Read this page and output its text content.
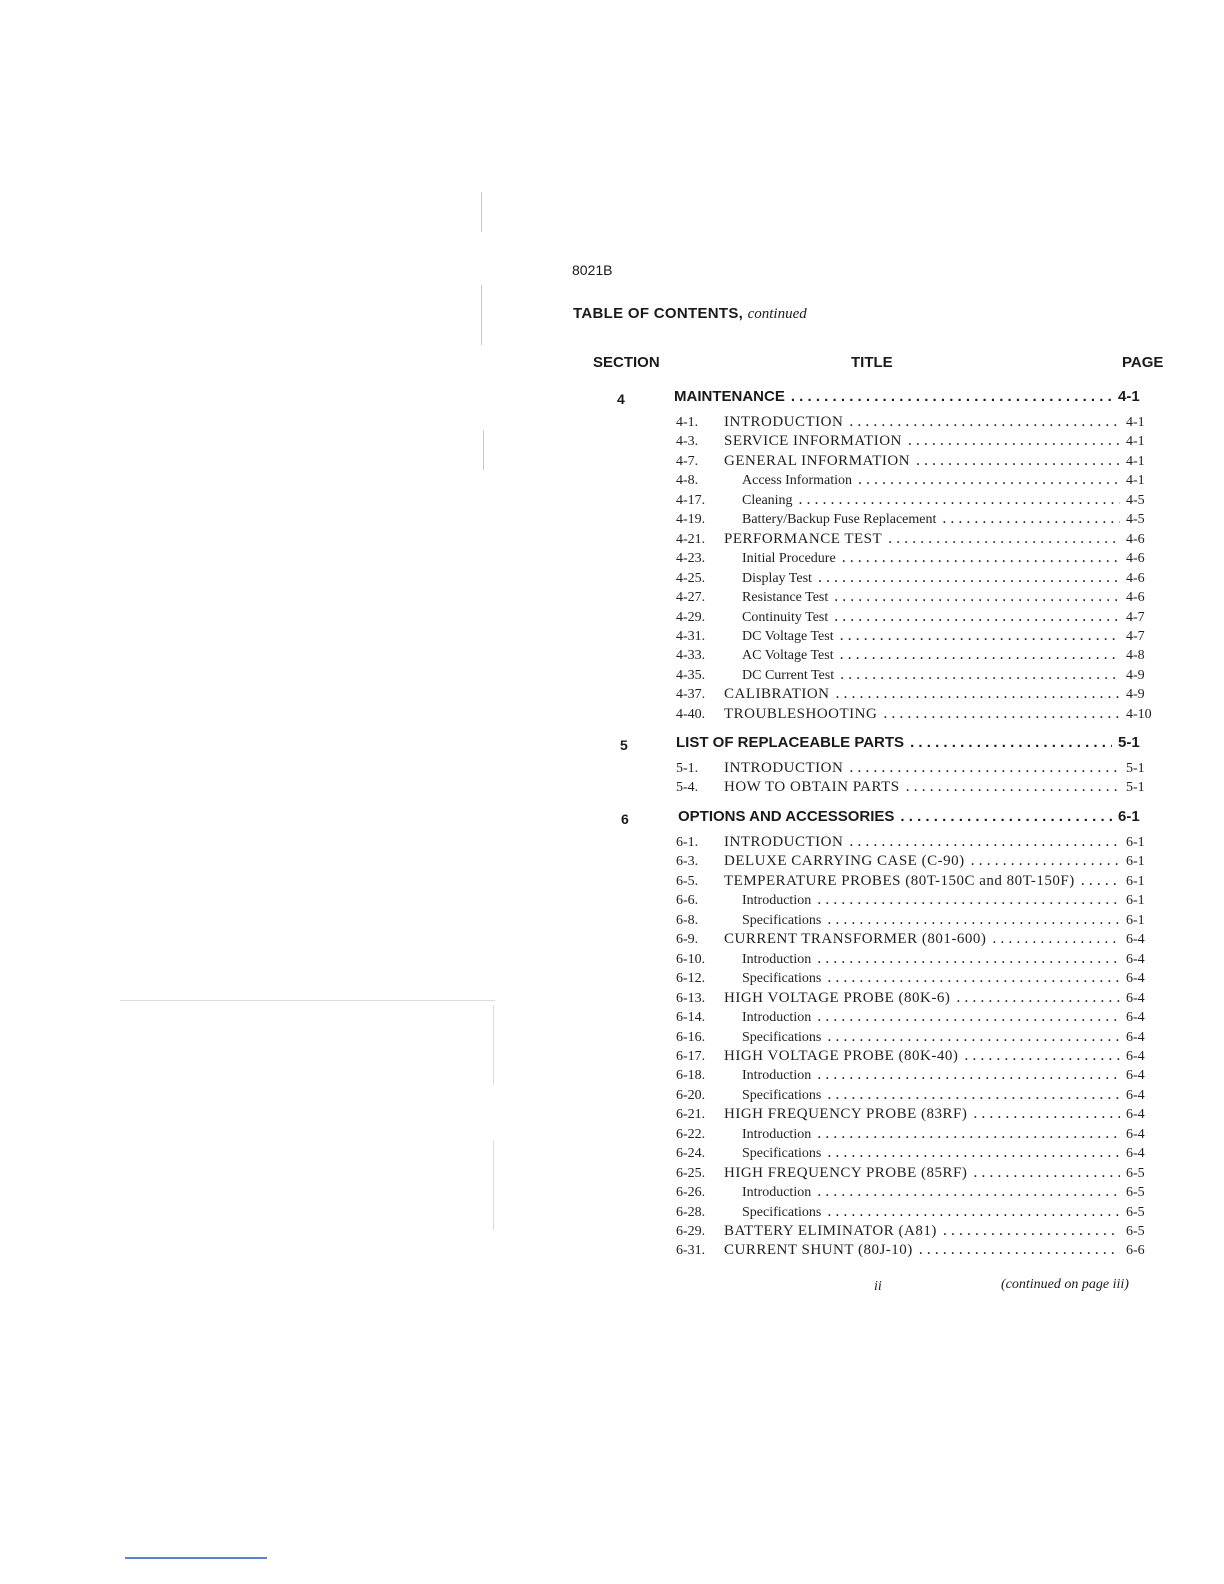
8021B
TABLE OF CONTENTS, continued
SECTION	TITLE	PAGE
4	MAINTENANCE . . .	4-1
4-1.	INTRODUCTION . . .	4-1
4-3.	SERVICE INFORMATION . . .	4-1
4-7.	GENERAL INFORMATION . . .	4-1
4-8.	Access Information . . .	4-1
4-17.	Cleaning . . .	4-5
4-19.	Battery/Backup Fuse Replacement . . .	4-5
4-21.	PERFORMANCE TEST . . .	4-6
4-23.	Initial Procedure . . .	4-6
4-25.	Display Test . . .	4-6
4-27.	Resistance Test . . .	4-6
4-29.	Continuity Test . . .	4-7
4-31.	DC Voltage Test . . .	4-7
4-33.	AC Voltage Test . . .	4-8
4-35.	DC Current Test . . .	4-9
4-37.	CALIBRATION . . .	4-9
4-40.	TROUBLESHOOTING . . .	4-10
5	LIST OF REPLACEABLE PARTS . . .	5-1
5-1.	INTRODUCTION . . .	5-1
5-4.	HOW TO OBTAIN PARTS . . .	5-1
6	OPTIONS AND ACCESSORIES . . .	6-1
6-1.	INTRODUCTION . . .	6-1
6-3.	DELUXE CARRYING CASE (C-90) . . .	6-1
6-5.	TEMPERATURE PROBES (80T-150C and 80T-150F) . . .	6-1
6-6.	Introduction . . .	6-1
6-8.	Specifications . . .	6-1
6-9.	CURRENT TRANSFORMER (801-600) . . .	6-4
6-10.	Introduction . . .	6-4
6-12.	Specifications . . .	6-4
6-13.	HIGH VOLTAGE PROBE (80K-6) . . .	6-4
6-14.	Introduction . . .	6-4
6-16.	Specifications . . .	6-4
6-17.	HIGH VOLTAGE PROBE (80K-40) . . .	6-4
6-18.	Introduction . . .	6-4
6-20.	Specifications . . .	6-4
6-21.	HIGH FREQUENCY PROBE (83RF) . . .	6-4
6-22.	Introduction . . .	6-4
6-24.	Specifications . . .	6-4
6-25.	HIGH FREQUENCY PROBE (85RF) . . .	6-5
6-26.	Introduction . . .	6-5
6-28.	Specifications . . .	6-5
6-29.	BATTERY ELIMINATOR (A81) . . .	6-5
6-31.	CURRENT SHUNT (80J-10) . . .	6-6
ii	(continued on page iii)
